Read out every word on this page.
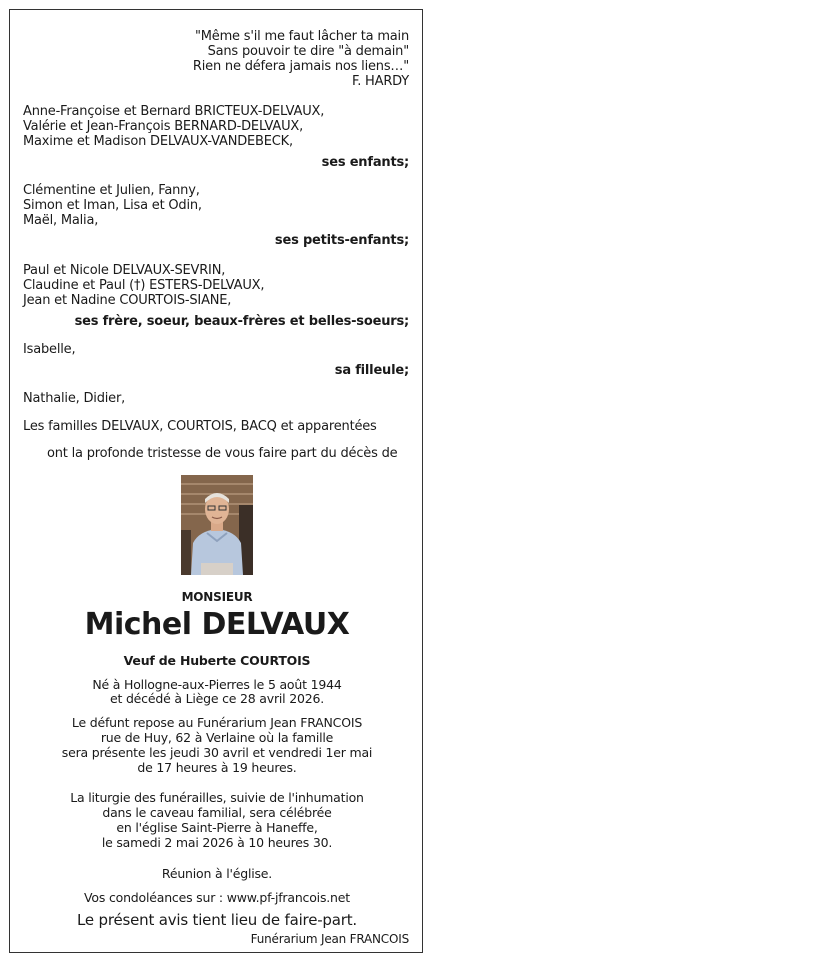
"Même s'il me faut lâcher ta main
Sans pouvoir te dire "à demain"
Rien ne défera jamais nos liens…"
F. HARDY
Anne-Françoise et Bernard BRICTEUX-DELVAUX,
Valérie et Jean-François BERNARD-DELVAUX,
Maxime et Madison DELVAUX-VANDEBECK,
ses enfants;
Clémentine et Julien, Fanny,
Simon et Iman, Lisa et Odin,
Maël, Malia,
ses petits-enfants;
Paul et Nicole DELVAUX-SEVRIN,
Claudine et Paul (†) ESTERS-DELVAUX,
Jean et Nadine COURTOIS-SIANE,
ses frère, soeur, beaux-frères et belles-soeurs;
Isabelle,
sa filleule;
Nathalie, Didier,
Les familles DELVAUX, COURTOIS, BACQ et apparentées
ont la profonde tristesse de vous faire part du décès de
MONSIEUR
Michel DELVAUX
Veuf de Huberte COURTOIS
Né à Hollogne-aux-Pierres le 5 août 1944
et décédé à Liège ce 28 avril 2026.
Le défunt repose au Funérarium Jean FRANCOIS
rue de Huy, 62 à Verlaine où la famille
sera présente les jeudi 30 avril et vendredi 1er mai
de 17 heures à 19 heures.
La liturgie des funérailles, suivie de l'inhumation
dans le caveau familial, sera célébrée
en l'église Saint-Pierre à Haneffe,
le samedi 2 mai 2026 à 10 heures 30.
Réunion à l'église.
Vos condoléances sur : www.pf-jfrancois.net
Le présent avis tient lieu de faire-part.
Funérarium Jean FRANCOIS
